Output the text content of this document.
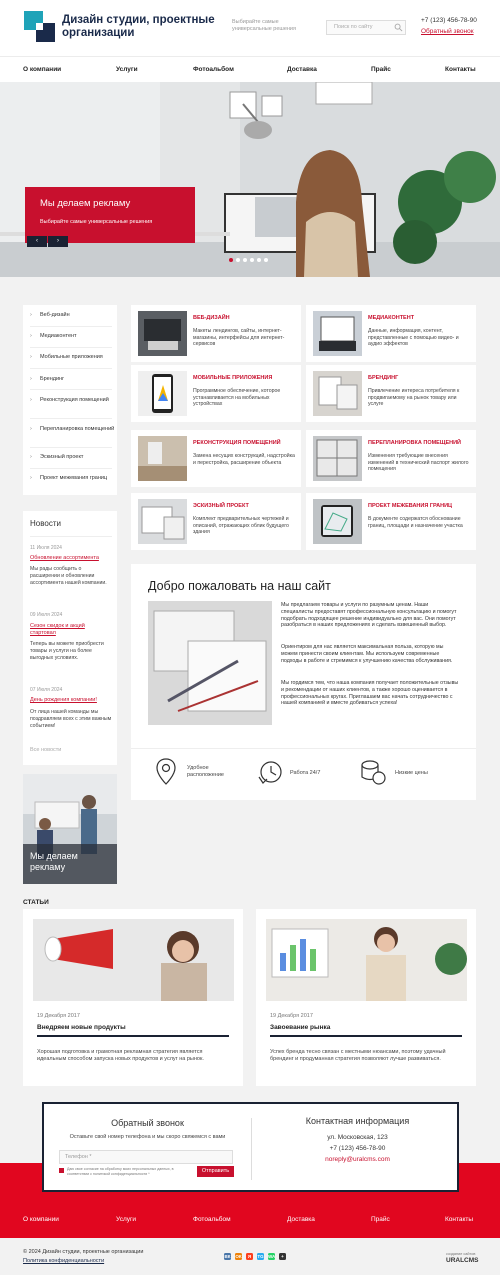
Дизайн студии, проектные организации
Выбирайте самые универсальные решения	Поиск по сайту
+7 (123) 456-78-90
Обратный звонок
О компании	Услуги	Фотоальбом	Доставка	Прайс	Контакты
Мы делаем рекламу
Выбирайте самые универсальные решения
‹	›
› Веб-дизайн
› Медиаконтент
› Мобильные приложения
› Брендинг
› Реконструкция помещений
› Перепланировка помещений
› Эскизный проект
› Проект межевания границ
Новости
11 Июля 2024
Обновление ассортимента
Мы рады сообщить о расширении и обновлении ассортимента нашей компании.
09 Июля 2024
Сезон скидок и акций стартовал
Теперь вы можете приобрести товары и услуги на более выгодных условиях.
07 Июля 2024
День рождения компании!
От лица нашей команды мы поздравляем всех с этим важным событием!
Все новости
Мы делаем рекламу
ВЕБ-ДИЗАЙН
Макеты лендингов, сайты, интернет-магазины, интерфейсы для интернет-сервисов
МЕДИАКОНТЕНТ
Данные, информация, контент, представленные с помощью видео- и аудио эффектов
МОБИЛЬНЫЕ ПРИЛОЖЕНИЯ
Программное обеспечение, которое устанавливается на мобильных устройствах
БРЕНДИНГ
Привлечение интереса потребителя к продвигаемому на рынок товару или услуге
РЕКОНСТРУКЦИЯ ПОМЕЩЕНИЙ
Замена несущих конструкций, надстройка и перестройка, расширение объекта
ПЕРЕПЛАНИРОВКА ПОМЕЩЕНИЙ
Изменения требующие внесения изменений в технический паспорт жилого помещения
ЭСКИЗНЫЙ ПРОЕКТ
Комплект предварительных чертежей и описаний, отражающих облик будущего здания
ПРОЕКТ МЕЖЕВАНИЯ ГРАНИЦ
В документе содержатся обоснование границ, площади и назначение участка
Добро пожаловать на наш сайт
Мы предлагаем товары и услуги по разумным ценам. Наши специалисты предоставят профессиональную консультацию и помогут подобрать подходящее решение индивидуально для вас. Они помогут разобраться в наших предложениях и сделать взвешенный выбор.
Ориентиром для нас является максимальная польза, которую мы можем принести своим клиентам. Мы используем современные подходы в работе и стремимся к улучшению качества обслуживания.
Мы гордимся тем, что наша компания получает положительные отзывы и рекомендации от наших клиентов, а также хорошо оценивается в профессиональных кругах. Приглашаем вас начать сотрудничество с нашей компанией и вместе добиваться успеха!
Удобное расположение	Работа 24/7	Низкие цены
СТАТЬИ
19 Декабря 2017
Внедряем новые продукты
Хорошая подготовка и грамотная рекламная стратегия является идеальным способом запуска новых продуктов и услуг на рынок.
19 Декабря 2017
Завоевание рынка
Успех бренда тесно связан с местными нюансами, поэтому удачный брендинг и продуманная стратегия позволяют лучше развиваться.
Обратный звонок
Оставьте свой номер телефона и мы скоро свяжемся с вами
Телефон *
Даю свое согласие на обработку моих персональных данных, в соответствии с политикой конфиденциальности *	Отправить
Контактная информация
ул. Московская, 123
+7 (123) 456-78-90
noreply@uralcms.com
О компании	Услуги	Фотоальбом	Доставка	Прайс	Контакты
© 2024 Дизайн студии, проектные организации
Политика конфиденциальности
ВК ОК	Я	TG WA	+	создание сайтов
URALCMS
